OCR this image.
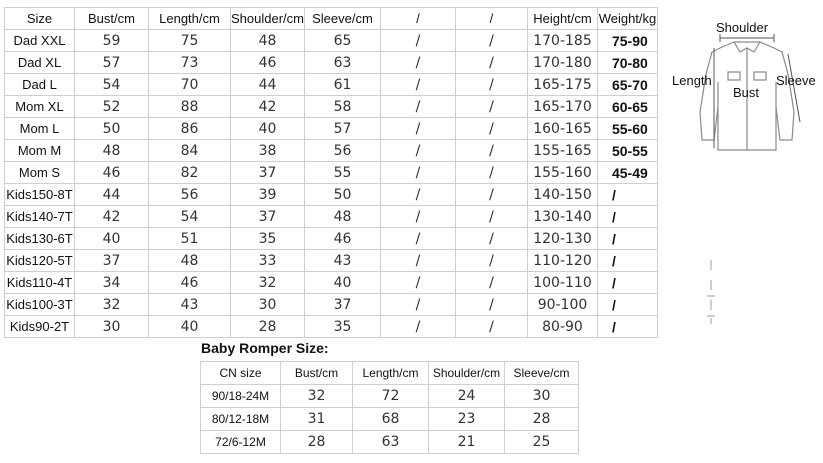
Size	Bust/cm	Length/cm	Shoulder/cm	Sleeve/cm	/	/	Height/cm	Weight/kg
Dad XXL	59	75	48	65	/	/	170-185	75-90
Dad XL	57	73	46	63	/	/	170-180	70-80
Dad L	54	70	44	61	/	/	165-175	65-70
Mom XL	52	88	42	58	/	/	165-170	60-65
Mom L	50	86	40	57	/	/	160-165	55-60
Mom M	48	84	38	56	/	/	155-165	50-55
Mom S	46	82	37	55	/	/	155-160	45-49
Kids150-8T	44	56	39	50	/	/	140-150	/
Kids140-7T	42	54	37	48	/	/	130-140	/
Kids130-6T	40	51	35	46	/	/	120-130	/
Kids120-5T	37	48	33	43	/	/	110-120	/
Kids110-4T	34	46	32	40	/	/	100-110	/
Kids100-3T	32	43	30	37	/	/	90-100	/
Kids90-2T	30	40	28	35	/	/	80-90	/
Shoulder
Length
Bust
Sleeve
Baby Romper Size:
CN size	Bust/cm	Length/cm	Shoulder/cm	Sleeve/cm
90/18-24M	32	72	24	30
80/12-18M	31	68	23	28
72/6-12M	28	63	21	25
